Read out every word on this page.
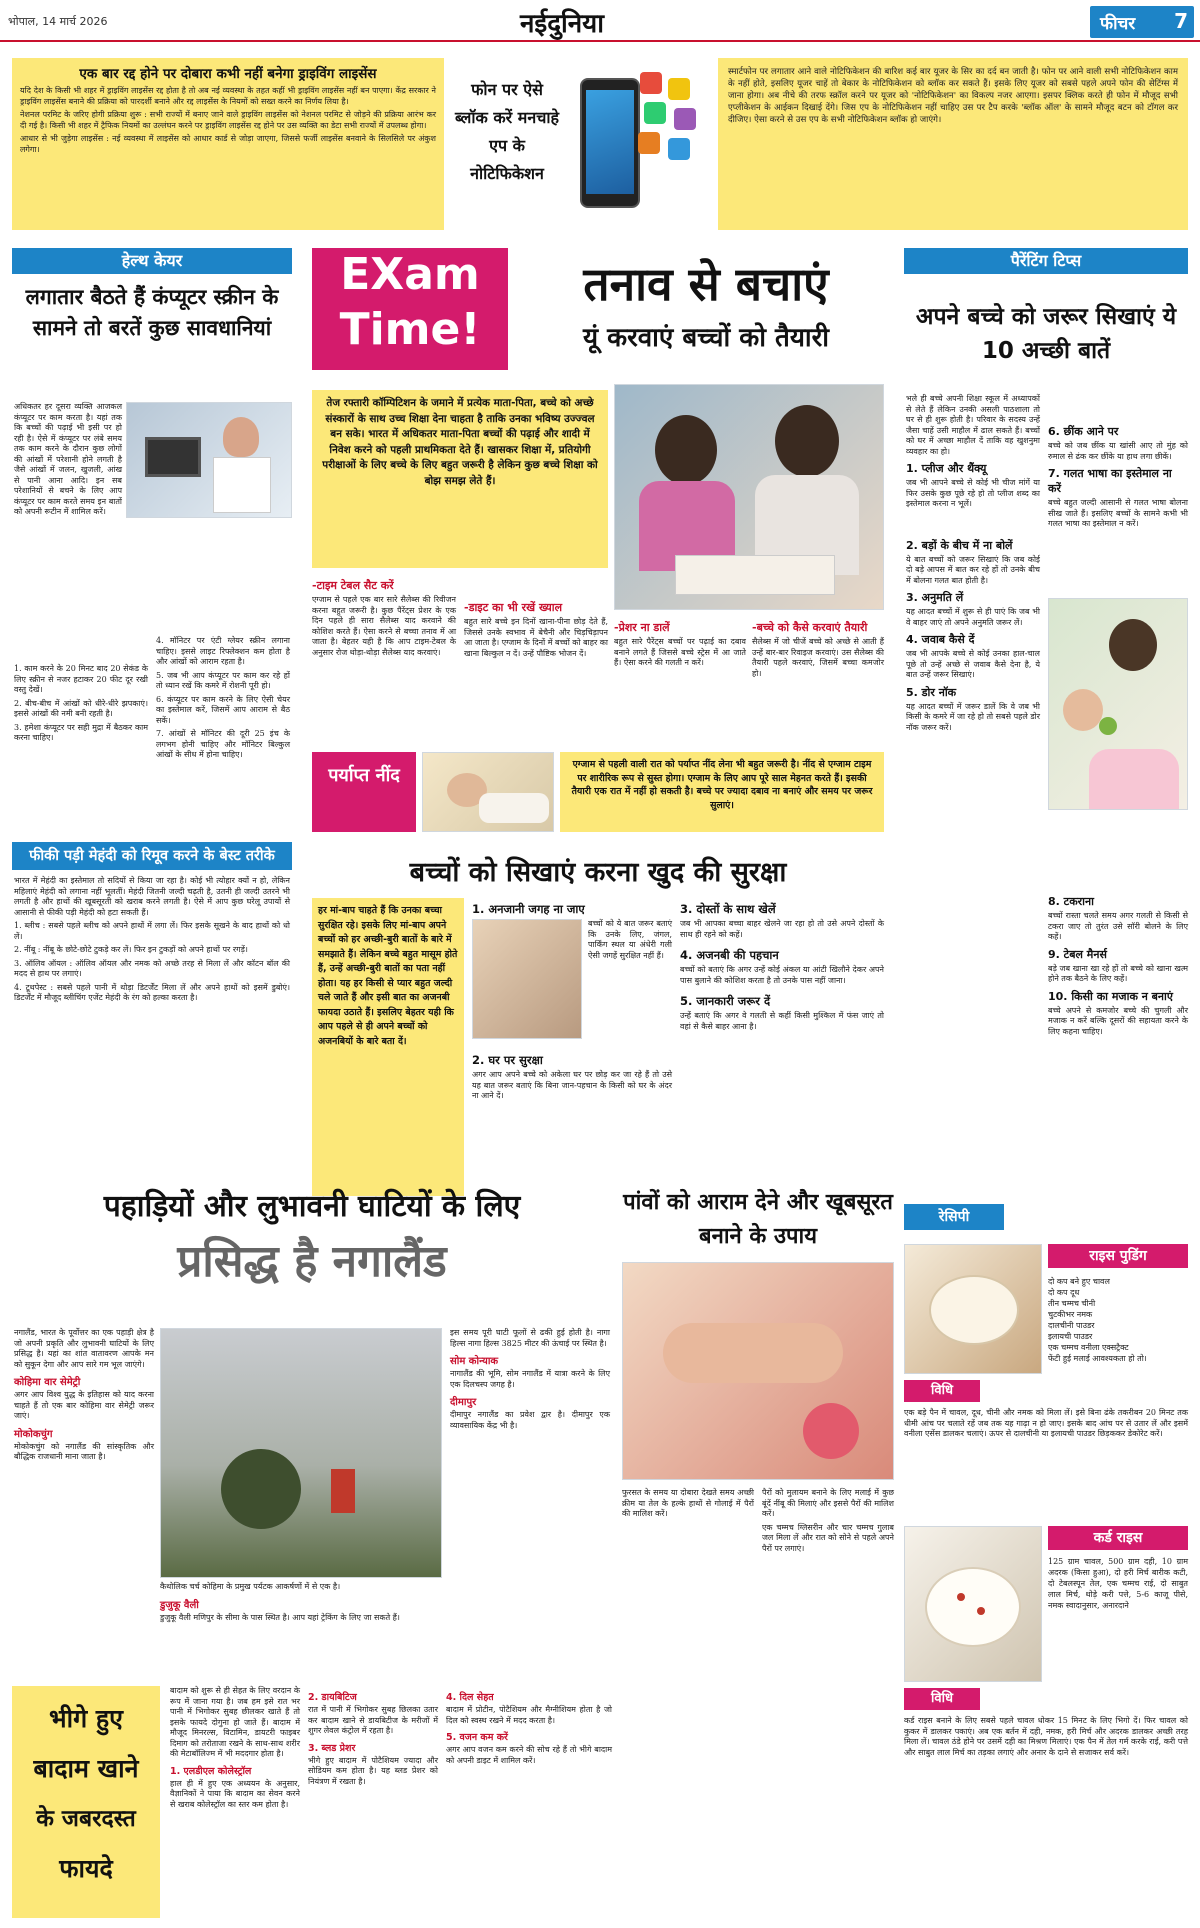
भोपाल, 14 मार्च 2026	नईदुनिया	फीचर 7
एक बार रद्द होने पर दोबारा कभी नहीं बनेगा ड्राइविंग लाइसेंस

यदि देश के किसी भी शहर में ड्राइविंग लाइसेंस रद्द होता है तो अब नई व्यवस्था के तहत कहीं भी ड्राइविंग लाइसेंस नहीं बन पाएगा। केंद्र सरकार ने ड्राइविंग लाइसेंस बनाने की प्रक्रिया को पारदर्शी बनाने और रद्द लाइसेंस के नियमों को सख्त करने का निर्णय लिया है।

नेशनल परमिट के जरिए होगी प्रक्रिया शुरू : सभी राज्यों में बनाए जाने वाले ड्राइविंग लाइसेंस को नेशनल परमिट से जोड़ने की प्रक्रिया आरंभ कर दी गई है। किसी भी शहर में ट्रैफिक नियमों का उल्लंघन करने पर ड्राइविंग लाइसेंस रद्द होने पर उस व्यक्ति का डेटा सभी राज्यों में उपलब्ध होगा।

आधार से भी जुड़ेगा लाइसेंस : नई व्यवस्था में लाइसेंस को आधार कार्ड से जोड़ा जाएगा, जिससे फर्जी लाइसेंस बनवाने के सिलसिले पर अंकुश लगेगा।

फोन पर ऐसे ब्लॉक करें मनचाहे एप के नोटिफिकेशन

स्मार्टफोन पर लगातार आने वाले नोटिफिकेशन की बारिश कई बार यूजर के सिर का दर्द बन जाती है। फोन पर आने वाली सभी नोटिफिकेशन काम के नहीं होते, इसलिए यूजर चाहें तो बेकार के नोटिफिकेशन को ब्लॉक कर सकते हैं। इसके लिए यूजर को सबसे पहले अपने फोन की सेटिंग्स में जाना होगा। अब नीचे की तरफ स्क्रॉल करने पर यूजर को 'नोटिफिकेशन' का विकल्प नजर आएगा। इसपर क्लिक करते ही फोन में मौजूद सभी एप्लीकेशन के आईकन दिखाई देंगे। जिस एप के नोटिफिकेशन नहीं चाहिए उस पर टैप करके 'ब्लॉक ऑल' के सामने मौजूद बटन को टॉगल कर दीजिए। ऐसा करने से उस एप के सभी नोटिफिकेशन ब्लॉक हो जाएंगे।

हेल्थ केयर
लगातार बैठते हैं कंप्यूटर स्क्रीन के सामने तो बरतें कुछ सावधानियां
अधिकतर हर दूसरा व्यक्ति आजकल कंप्यूटर पर काम करता है। यहां तक कि बच्चों की पढ़ाई भी इसी पर हो रही है। ऐसे में कंप्यूटर पर लंबे समय तक काम करने के दौरान कुछ लोगों की आंखों में परेशानी होने लगती है जैसे आंखों में जलन, खुजली, आंख से पानी आना आदि। इन सब परेशानियों से बचने के लिए आप कंप्यूटर पर काम करते समय इन बातों को अपनी रूटीन में शामिल करें।

1. काम करने के 20 मिनट बाद 20 सेकंड के लिए स्क्रीन से नजर हटाकर 20 फीट दूर रखी वस्तु देखें।

2. बीच-बीच में आंखों को धीरे-धीरे झपकाएं। इससे आंखों की नमी बनी रहती है।

3. हमेशा कंप्यूटर पर सही मुद्रा में बैठकर काम करना चाहिए।

4. मॉनिटर पर एंटी ग्लेयर स्क्रीन लगाना चाहिए। इससे लाइट रिफ्लेक्शन कम होता है और आंखों को आराम रहता है।

5. जब भी आप कंप्यूटर पर काम कर रहे हों तो ध्यान रखें कि कमरे में रोशनी पूरी हो।

6. कंप्यूटर पर काम करने के लिए ऐसी चेयर का इस्तेमाल करें, जिसमें आप आराम से बैठ सकें।

7. आंखों से मॉनिटर की दूरी 25 इंच के लगभग होनी चाहिए और मॉनिटर बिल्कुल आंखों के सीध में होना चाहिए।

फीकी पड़ी मेहंदी को रिमूव करने के बेस्ट तरीके

भारत में मेहंदी का इस्तेमाल तो सदियों से किया जा रहा है। कोई भी त्योहार क्यों न हो, लेकिन महिलाएं मेहंदी को लगाना नहीं भूलतीं। मेहंदी जितनी जल्दी चढ़ती है, उतनी ही जल्दी उतरने भी लगती है और हाथों की खूबसूरती को खराब करने लगती है। ऐसे में आप कुछ घरेलू उपायों से आसानी से फीकी पड़ी मेहंदी को हटा सकती हैं।

1. ब्लीच : सबसे पहले ब्लीच को अपने हाथों में लगा लें। फिर इसके सूखने के बाद हाथों को धो लें।

2. नींबू : नींबू के छोटे-छोटे टुकड़े कर लें। फिर इन टुकड़ों को अपने हाथों पर रगड़ें।

3. ऑलिव ऑयल : ऑलिव ऑयल और नमक को अच्छे तरह से मिला लें और कॉटन बॉल की मदद से हाथ पर लगाएं।

4. टूथपेस्ट : सबसे पहले पानी में थोड़ा डिटर्जेंट मिला लें और अपने हाथों को इसमें डुबोएं। डिटर्जेंट में मौजूद ब्लीचिंग एजेंट मेहंदी के रंग को हल्का करता है।

EXam
Time!
तनाव से बचाएं
यूं करवाएं बच्चों को तैयारी
तेज रफ्तारी कॉम्पिटिशन के जमाने में प्रत्येक माता-पिता, बच्चे को अच्छे संस्कारों के साथ उच्च शिक्षा देना चाहता है ताकि उनका भविष्य उज्ज्वल बन सके। भारत में अधिकतर माता-पिता बच्चों की पढ़ाई और शादी में निवेश करने को पहली प्राथमिकता देते हैं। खासकर शिक्षा में, प्रतियोगी परीक्षाओं के लिए बच्चे के लिए बहुत जरूरी है लेकिन कुछ बच्चे शिक्षा को बोझ समझ लेते हैं।
-टाइम टेबल सैट करें

एग्जाम से पहले एक बार सारे सैलेब्स की रिवीजन करना बहुत जरूरी है। कुछ पैरेंट्स प्रेशर के एक दिन पहले ही सारा सैलेब्स याद करवाने की कोशिश करते हैं। ऐसा करने से बच्चा तनाव में आ जाता है। बेहतर यही है कि आप टाइम-टेबल के अनुसार रोज थोड़ा-थोड़ा सैलेब्स याद करवाएं।

-डाइट का भी रखें ख्याल

बहुत सारे बच्चे इन दिनों खाना-पीना छोड़ देते हैं, जिससे उनके स्वभाव में बेचैनी और चिड़चिड़ापन आ जाता है। एग्जाम के दिनों में बच्चों को बाहर का खाना बिल्कुल न दें। उन्हें पौष्टिक भोजन दें।

-प्रेशर ना डालें

बहुत सारे पैरेंट्स बच्चों पर पढ़ाई का दबाव बनाने लगते हैं जिससे बच्चे स्ट्रेस में आ जाते हैं। ऐसा करने की गलती न करें।

-बच्चे को कैसे करवाएं तैयारी

सैलेब्स में जो चीजें बच्चे को अच्छे से आती हैं उन्हें बार-बार रिवाइज करवाएं। उस सैलेब्स की तैयारी पहले करवाएं, जिसमें बच्चा कमजोर हो।

पर्याप्त नींद
एग्जाम से पहली वाली रात को पर्याप्त नींद लेना भी बहुत जरूरी है। नींद से एग्जाम टाइम पर शारीरिक रूप से सुस्त होगा। एग्जाम के लिए आप पूरे साल मेहनत करते हैं। इसकी तैयारी एक रात में नहीं हो सकती है। बच्चे पर ज्यादा दबाव ना बनाएं और समय पर जरूर सुलाएं।
बच्चों को सिखाएं करना खुद की सुरक्षा
हर मां-बाप चाहते हैं कि उनका बच्चा सुरक्षित रहे। इसके लिए मां-बाप अपने बच्चों को हर अच्छी-बुरी बातों के बारे में समझाते हैं। लेकिन बच्चे बहुत मासूम होते हैं, उन्हें अच्छी-बुरी बातों का पता नहीं होता। यह हर किसी से प्यार बहुत जल्दी चले जाते हैं और इसी बात का अजनबी फायदा उठाते हैं। इसलिए बेहतर यही कि आप पहले से ही अपने बच्चों को अजनबियों के बारे बता दें।
1. अनजानी जगह ना जाए

बच्चों को ये बात जरूर बताएं कि उनके लिए, जंगल, पार्किंग स्थल या अंधेरी गली ऐसी जगहें सुरक्षित नहीं हैं।

2. घर पर सुरक्षा

अगर आप अपने बच्चे को अकेला घर पर छोड़ कर जा रहे हैं तो उसे यह बात जरूर बताएं कि बिना जान-पहचान के किसी को घर के अंदर ना आने दें।

3. दोस्तों के साथ खेलें

जब भी आपका बच्चा बाहर खेलने जा रहा हो तो उसे अपने दोस्तों के साथ ही रहने को कहें।

4. अजनबी की पहचान

बच्चों को बताएं कि अगर उन्हें कोई अंकल या आंटी खिलौने देकर अपने पास बुलाने की कोशिश करता है तो उनके पास नहीं जाना।

5. जानकारी जरूर दें

उन्हें बताएं कि अगर वे गलती से कहीं किसी मुश्किल में फंस जाएं तो वहां से कैसे बाहर आना है।

पैरेंटिंग टिप्स
अपने बच्चे को जरूर सिखाएं ये 10 अच्छी बातें

भले ही बच्चे अपनी शिक्षा स्कूल में अध्यापकों से लेते हैं लेकिन उनकी असली पाठशाला तो घर से ही शुरू होती है। परिवार के सदस्य उन्हें जैसा चाहें उसी माहौल में ढाल सकते हैं। बच्चों को घर में अच्छा माहौल दें ताकि वह खुशनुमा व्यवहार का हो।

1. प्लीज और थैंक्यू

जब भी आपने बच्चे से कोई भी चीज मांगें या फिर उसके कुछ पूछे रहे हो तो प्लीज शब्द का इस्तेमाल करना न भूलें।

2. बड़ों के बीच में ना बोलें

ये बात बच्चों को जरूर सिखाएं कि जब कोई दो बड़े आपस में बात कर रहे हों तो उनके बीच में बोलना गलत बात होती है।

3. अनुमति लें

यह आदत बच्चों में शुरू से ही पाएं कि जब भी वे बाहर जाएं तो अपने अनुमति जरूर लें।

4. जवाब कैसे दें

जब भी आपके बच्चे से कोई उनका हाल-चाल पूछे तो उन्हें अच्छे से जवाब कैसे देना है, ये बात उन्हें जरूर सिखाएं।

5. डोर नॉक

यह आदत बच्चों में जरूर डालें कि वे जब भी किसी के कमरे में जा रहे हो तो सबसे पहले डोर नॉक जरूर करें।

6. छींक आने पर

बच्चे को जब छींक या खांसी आए तो मुंह को रुमाल से ढंक कर छींके या हाथ लगा छीकें।

7. गलत भाषा का इस्तेमाल ना करें

बच्चे बहुत जल्दी आसानी से गलत भाषा बोलना सीख जाते हैं। इसलिए बच्चों के सामने कभी भी गलत भाषा का इस्तेमाल न करें।

8. टकराना

बच्चों रास्ता चलते समय अगर गलती से किसी से टकरा जाए तो तुरंत उसे सॉरी बोलने के लिए कहें।

9. टेबल मैनर्स

बड़े जब खाना खा रहे हों तो बच्चे को खाना खत्म होने तक बैठने के लिए कहें।

10. किसी का मजाक न बनाएं

बच्चे अपने से कमजोर बच्चे की चुगली और मजाक न करें बल्कि दूसरों की सहायता करने के लिए कहना चाहिए।

पहाड़ियों और लुभावनी घाटियों के लिए
प्रसिद्ध है नगालैंड

नगालैंड, भारत के पूर्वोत्तर का एक पहाड़ी क्षेत्र है जो अपनी प्रकृति और लुभावनी घाटियों के लिए प्रसिद्ध है। यहां का शांत वातावरण आपके मन को सुकून देगा और आप सारे गम भूल जाएंगे।

कोहिमा वार सेमेट्री

अगर आप विश्व युद्ध के इतिहास को याद करना चाहते हैं तो एक बार कोहिमा वार सेमेट्री जरूर जाएं।

मोकोकचुंग

मोकोकचुंग को नगालैंड की सांस्कृतिक और बौद्धिक राजधानी माना जाता है।

कैथोलिक चर्च कोहिमा के प्रमुख पर्यटक आकर्षणों में से एक है।

डुजुकू वैली

डुजुकू वैली मणिपुर के सीमा के पास स्थित है। आप यहां ट्रेकिंग के लिए जा सकते हैं।

इस समय पूरी घाटी फूलों से ढकी हुई होती है। नागा हिल्स नागा हिल्स 3825 मीटर की ऊंचाई पर स्थित है।

सोम कोन्याक

नागालैंड की भूमि, सोम नगालैंड में यात्रा करने के लिए एक दिलचस्प जगह है।

दीमापुर

दीमापुर नगालैंड का प्रवेश द्वार है। दीमापुर एक व्यावसायिक केंद्र भी है।

पांवों को आराम देने और खूबसूरत बनाने के उपाय

फुरसत के समय या दोबारा देखते समय अच्छी क्रीम या तेल के हल्के हाथों से गोलाई में पैरों की मालिश करें।

पैरों को मुलायम बनाने के लिए मलाई में कुछ बूंदें नींबू की मिलाएं और इससे पैरों की मालिश करें।

एक चम्मच ग्लिसरीन और चार चम्मच गुलाब जल मिला लें और रात को सोने से पहले अपने पैरों पर लगाएं।

रेसिपी
राइस पुडिंग
विधि
दो कप बने हुए चावल
दो कप दूध
तीन चम्मच चीनी
चुटकीभर नमक
दालचीनी पाउडर
इलायची पाउडर
एक चम्मच वनीला एक्सट्रैक्ट
फेंटी हुई मलाई आवश्यकता हो तो।

एक बड़े पैन में चावल, दूध, चीनी और नमक को मिला लें। इसे बिना ढंके तकरीबन 20 मिनट तक धीमी आंच पर चलाते रहें जब तक यह गाढ़ा न हो जाए। इसके बाद आंच पर से उतार लें और इसमें वनीला एसेंस डालकर चलाएं। ऊपर से दालचीनी या इलायची पाउडर छिड़ककर डेकोरेट करें।

कर्ड राइस
विधि

125 ग्राम चावल, 500 ग्राम दही, 10 ग्राम अदरक (किसा हुआ), दो हरी मिर्च बारीक कटी, दो टेबलस्पून तेल, एक चम्मच राई, दो साबुत लाल मिर्च, थोड़े करी पत्ते, 5-6 काजू पीसे, नमक स्वादानुसार, अनारदाने

कर्ड राइस बनाने के लिए सबसे पहले चावल धोकर 15 मिनट के लिए भिगो दें। फिर चावल को कुकर में डालकर पकाएं। अब एक बर्तन में दही, नमक, हरी मिर्च और अदरक डालकर अच्छी तरह मिला लें। चावल ठंडे होने पर उसमें दही का मिश्रण मिलाएं। एक पैन में तेल गर्म करके राई, करी पत्ते और साबुत लाल मिर्च का तड़का लगाएं और अनार के दाने से सजाकर सर्व करें।

भीगे हुए
बादाम खाने
के जबरदस्त
फायदे

बादाम को शुरू से ही सेहत के लिए वरदान के रूप में जाना गया है। जब हम इसे रात भर पानी में भिगोकर सुबह छीलकर खाते हैं तो इसके फायदे दोगुना हो जाते हैं। बादाम में मौजूद मिनरल्स, विटामिन, डायटरी फाइबर दिमाग को तरोताजा रखने के साथ-साथ शरीर की मेटाबॉलिज्म में भी मददगार होता है।

1. एलडीएल कोलेस्ट्रॉल

हाल ही में हुए एक अध्ययन के अनुसार, वैज्ञानिकों ने पाया कि बादाम का सेवन करने से खराब कोलेस्ट्रॉल का स्तर कम होता है।

2. डायबिटिज

रात में पानी में भिगोकर सुबह छिलका उतार कर बादाम खाने से डायबिटीज के मरीजों में शुगर लेवल कंट्रोल में रहता है।

3. ब्लड प्रेशर

भीगे हुए बादाम में पोटैशियम ज्यादा और सोडियम कम होता है। यह ब्लड प्रेशर को नियंत्रण में रखता है।

4. दिल सेहत

बादाम में प्रोटीन, पोटैशियम और मैग्नीशियम होता है जो दिल को स्वस्थ रखने में मदद करता है।

5. वजन कम करें

अगर आप वजन कम करने की सोच रहे हैं तो भीगे बादाम को अपनी डाइट में शामिल करें।
